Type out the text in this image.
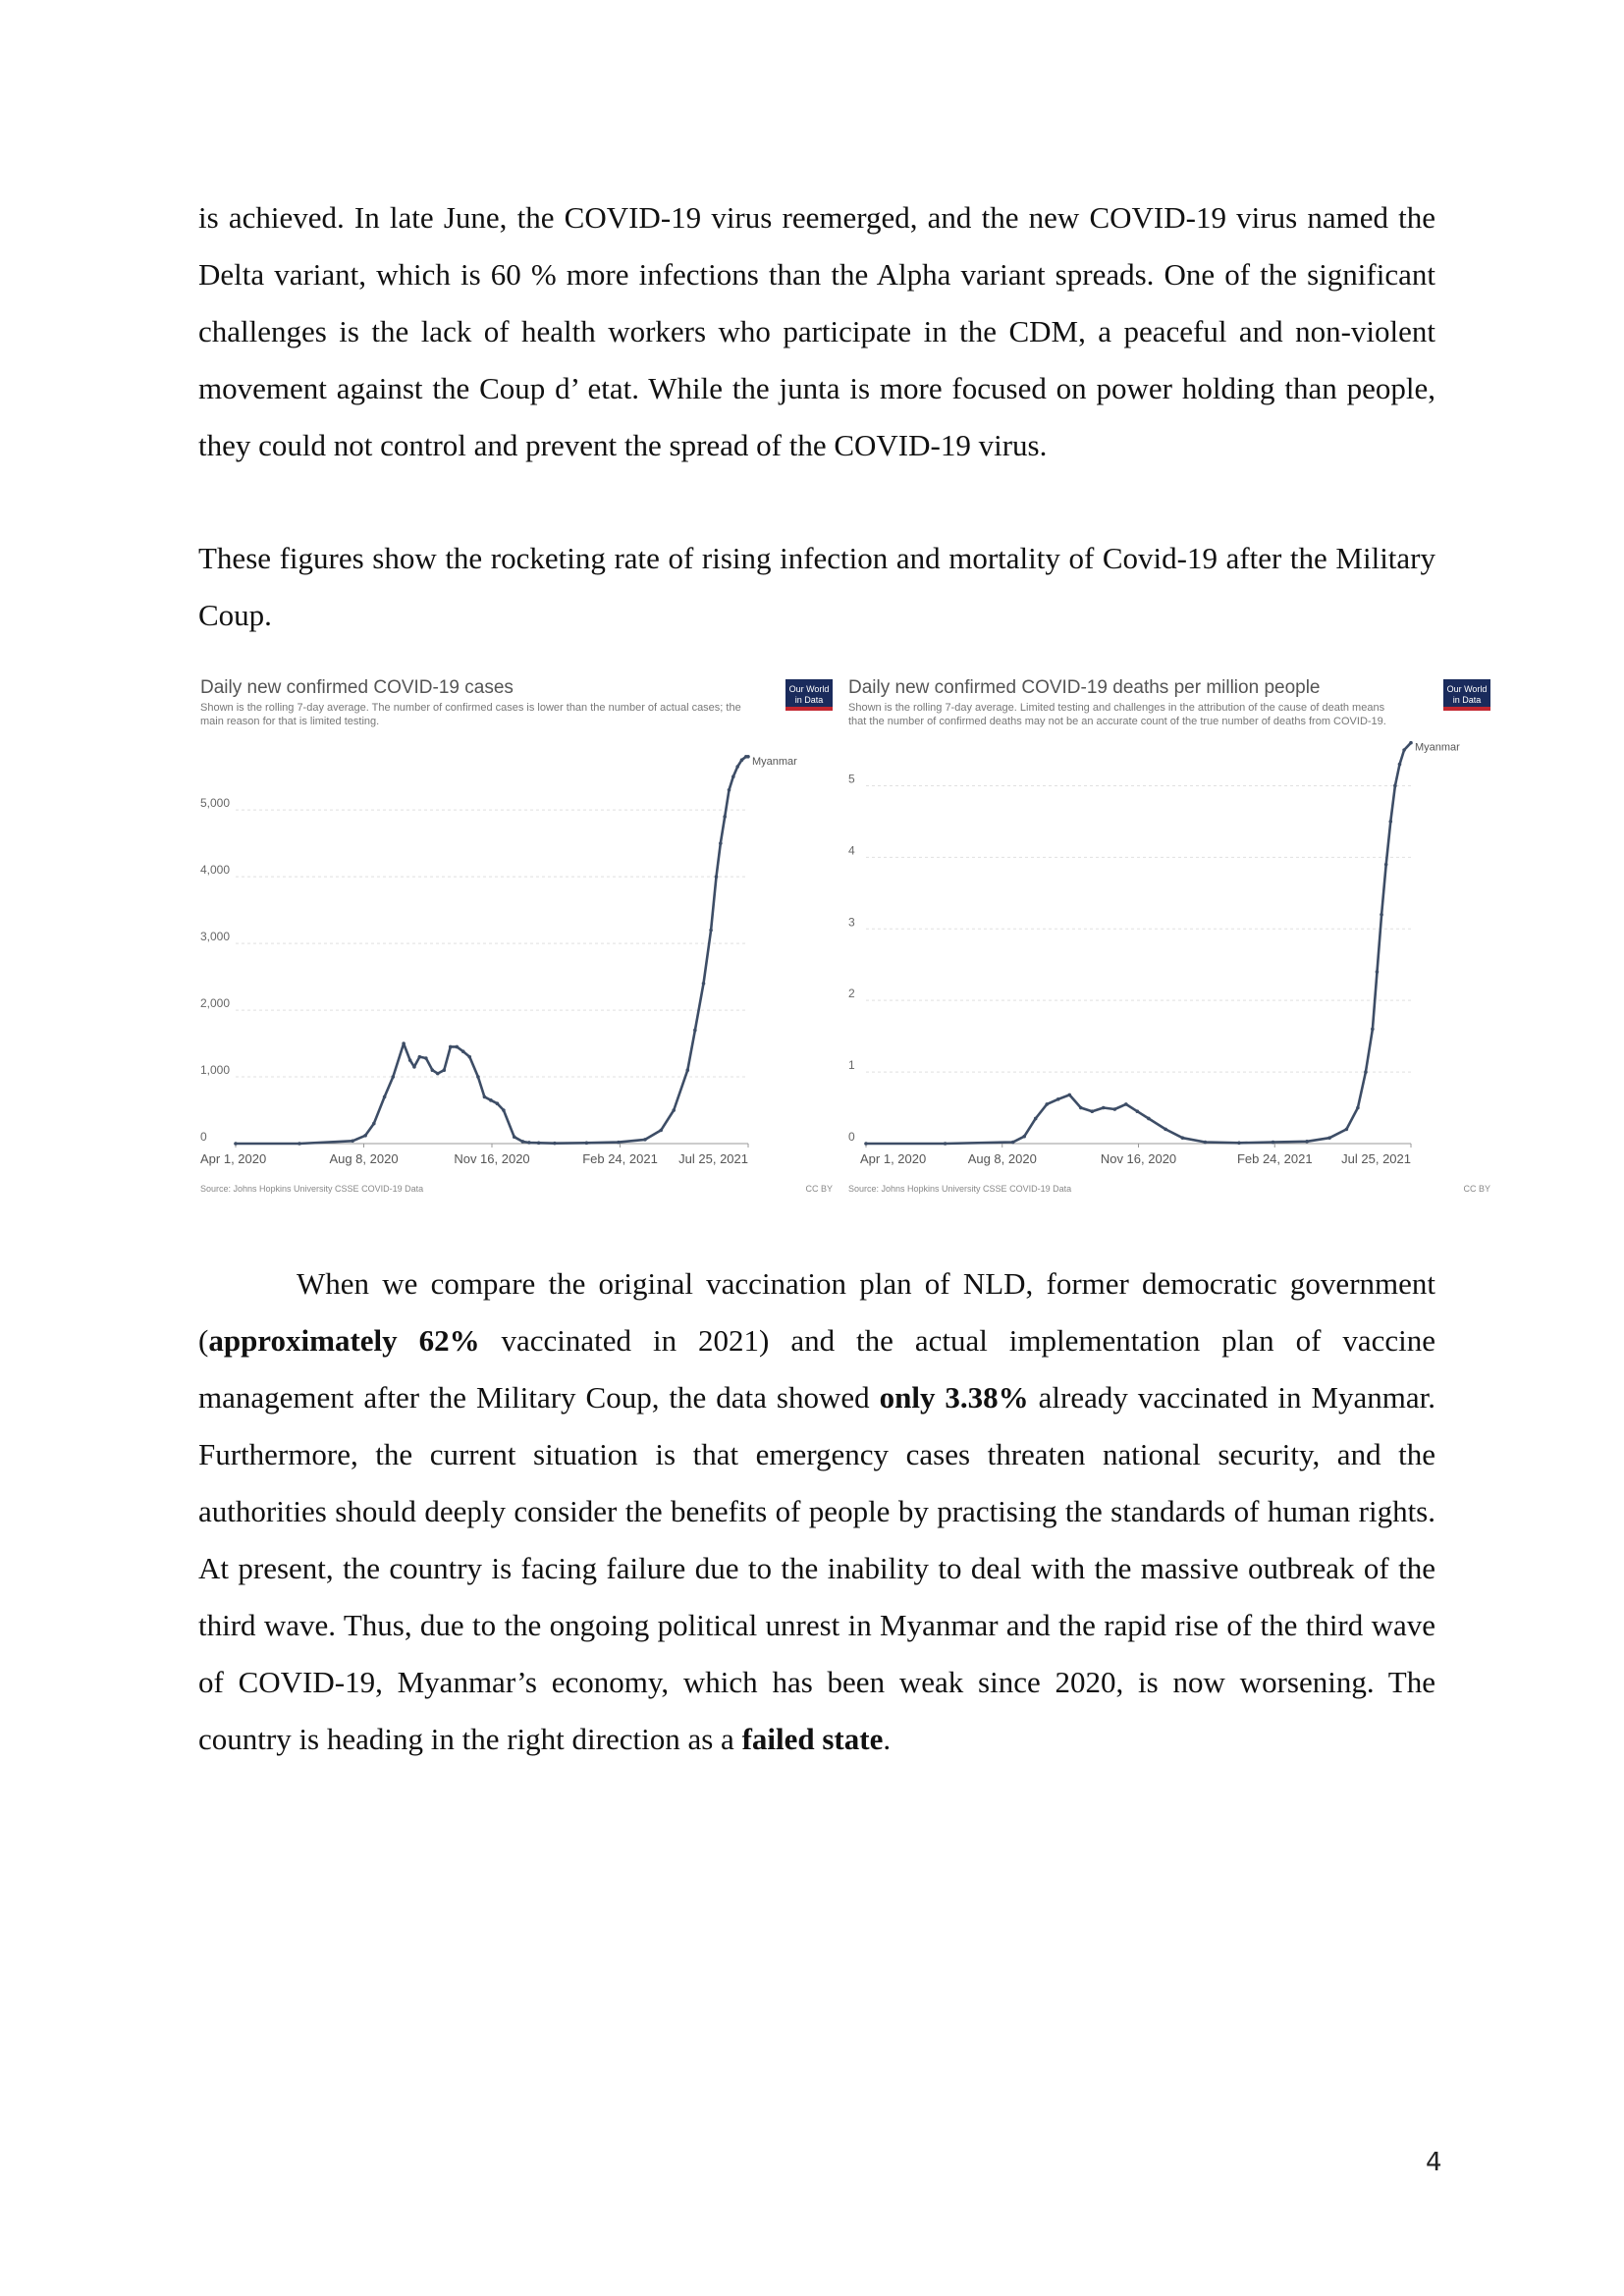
is achieved. In late June, the COVID-19 virus reemerged, and the new COVID-19 virus named the Delta variant, which is 60 % more infections than the Alpha variant spreads. One of the significant challenges is the lack of health workers who participate in the CDM, a peaceful and non-violent movement against the Coup d’ etat. While the junta is more focused on power holding than people, they could not control and prevent the spread of the COVID-19 virus.

These figures show the rocketing rate of rising infection and mortality of Covid-19 after the Military Coup.

Daily new confirmed COVID-19 cases
Shown is the rolling 7-day average. The number of confirmed cases is lower than the number of actual cases; the
main reason for that is limited testing.
Our World
in Data
0
1,000
2,000
3,000
4,000
5,000
Apr 1, 2020	Aug 8, 2020	Nov 16, 2020	Feb 24, 2021 Jul 25, 2021
Myanmar
Source: Johns Hopkins University CSSE COVID-19 Data	CC BY
Daily new confirmed COVID-19 deaths per million people
Shown is the rolling 7-day average. Limited testing and challenges in the attribution of the cause of death means
that the number of confirmed deaths may not be an accurate count of the true number of deaths from COVID-19.
Our World
in Data
0
1
2
3
4
5
Apr 1, 2020	Aug 8, 2020	Nov 16, 2020	Feb 24, 2021 Jul 25, 2021
Myanmar
Source: Johns Hopkins University CSSE COVID-19 Data	CC BY

When we compare the original vaccination plan of NLD, former democratic government (approximately 62% vaccinated in 2021) and the actual implementation plan of vaccine management after the Military Coup, the data showed only 3.38% already vaccinated in Myanmar. Furthermore, the current situation is that emergency cases threaten national security, and the authorities should deeply consider the benefits of people by practising the standards of human rights. At present, the country is facing failure due to the inability to deal with the massive outbreak of the third wave. Thus, due to the ongoing political unrest in Myanmar and the rapid rise of the third wave of COVID-19, Myanmar’s economy, which has been weak since 2020, is now worsening. The country is heading in the right direction as a failed state.

4
